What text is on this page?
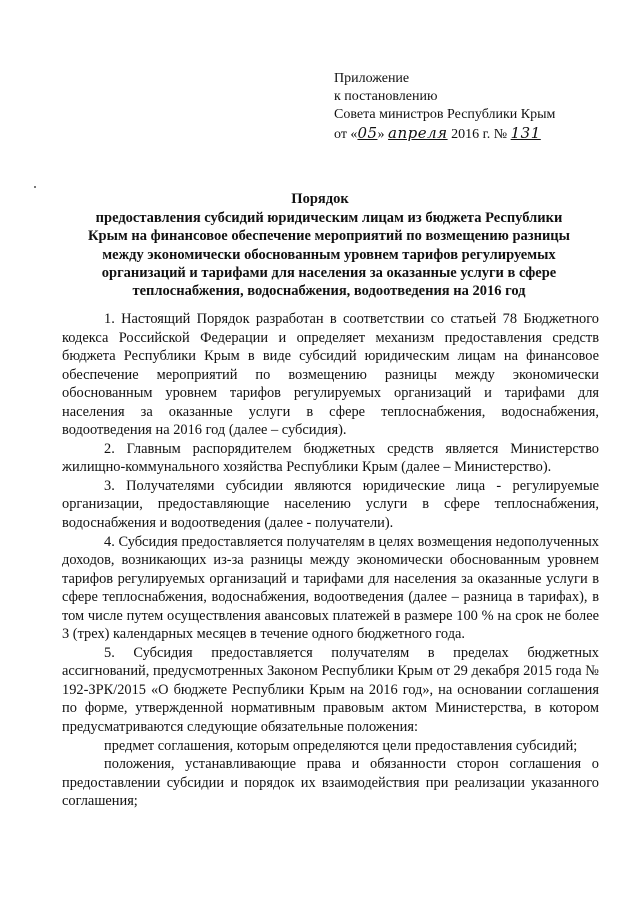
Приложение
к постановлению
Совета министров Республики Крым
от «05» апреля 2016 г. № 131
Порядок
предоставления субсидий юридическим лицам из бюджета Республики Крым на финансовое обеспечение мероприятий по возмещению разницы между экономически обоснованным уровнем тарифов регулируемых организаций и тарифами для населения за оказанные услуги в сфере теплоснабжения, водоснабжения, водоотведения на 2016 год

1. Настоящий Порядок разработан в соответствии со статьей 78 Бюджетного кодекса Российской Федерации и определяет механизм предоставления средств бюджета Республики Крым в виде субсидий юридическим лицам на финансовое обеспечение мероприятий по возмещению разницы между экономически обоснованным уровнем тарифов регулируемых организаций и тарифами для населения за оказанные услуги в сфере теплоснабжения, водоснабжения, водоотведения на 2016 год (далее – субсидия).

2. Главным распорядителем бюджетных средств является Министерство жилищно-коммунального хозяйства Республики Крым (далее – Министерство).

3. Получателями субсидии являются юридические лица - регулируемые организации, предоставляющие населению услуги в сфере теплоснабжения, водоснабжения и водоотведения (далее - получатели).

4. Субсидия предоставляется получателям в целях возмещения недополученных доходов, возникающих из-за разницы между экономически обоснованным уровнем тарифов регулируемых организаций и тарифами для населения за оказанные услуги в сфере теплоснабжения, водоснабжения, водоотведения (далее – разница в тарифах), в том числе путем осуществления авансовых платежей в размере 100 % на срок не более 3 (трех) календарных месяцев в течение одного бюджетного года.

5. Субсидия предоставляется получателям в пределах бюджетных ассигнований, предусмотренных Законом Республики Крым от 29 декабря 2015 года № 192-ЗРК/2015 «О бюджете Республики Крым на 2016 год», на основании соглашения по форме, утвержденной нормативным правовым актом Министерства, в котором предусматриваются следующие обязательные положения:

предмет соглашения, которым определяются цели предоставления субсидий;

положения, устанавливающие права и обязанности сторон соглашения о предоставлении субсидии и порядок их взаимодействия при реализации указанного соглашения;
